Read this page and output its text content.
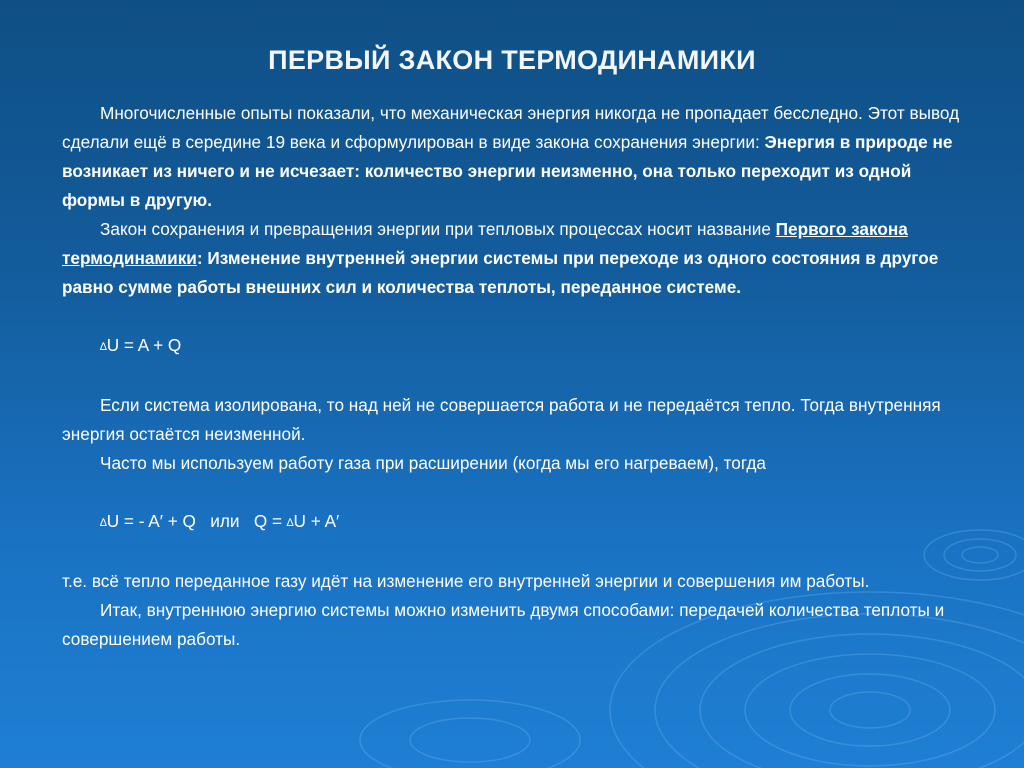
ПЕРВЫЙ ЗАКОН ТЕРМОДИНАМИКИ

Многочисленные опыты показали, что механическая энергия никогда не пропадает бесследно. Этот вывод сделали ещё в середине 19 века и сформулирован в виде закона сохранения энергии: Энергия в природе не возникает из ничего и не исчезает: количество энергии неизменно, она только переходит из одной формы в другую.

Закон сохранения и превращения энергии при тепловых процессах носит название Первого закона термодинамики: Изменение внутренней энергии системы при переходе из одного состояния в другое равно сумме работы внешних сил и количества теплоты, переданное системе.

∆U = A + Q

Если система изолирована, то над ней не совершается работа и не передаётся тепло. Тогда внутренняя энергия остаётся неизменной.

Часто мы используем работу газа при расширении (когда мы его нагреваем), тогда

∆U = - A′ + Q или Q = ∆U + A′

т.е. всё тепло переданное газу идёт на изменение его внутренней энергии и совершения им работы.

Итак, внутреннюю энергию системы можно изменить двумя способами: передачей количества теплоты и совершением работы.
